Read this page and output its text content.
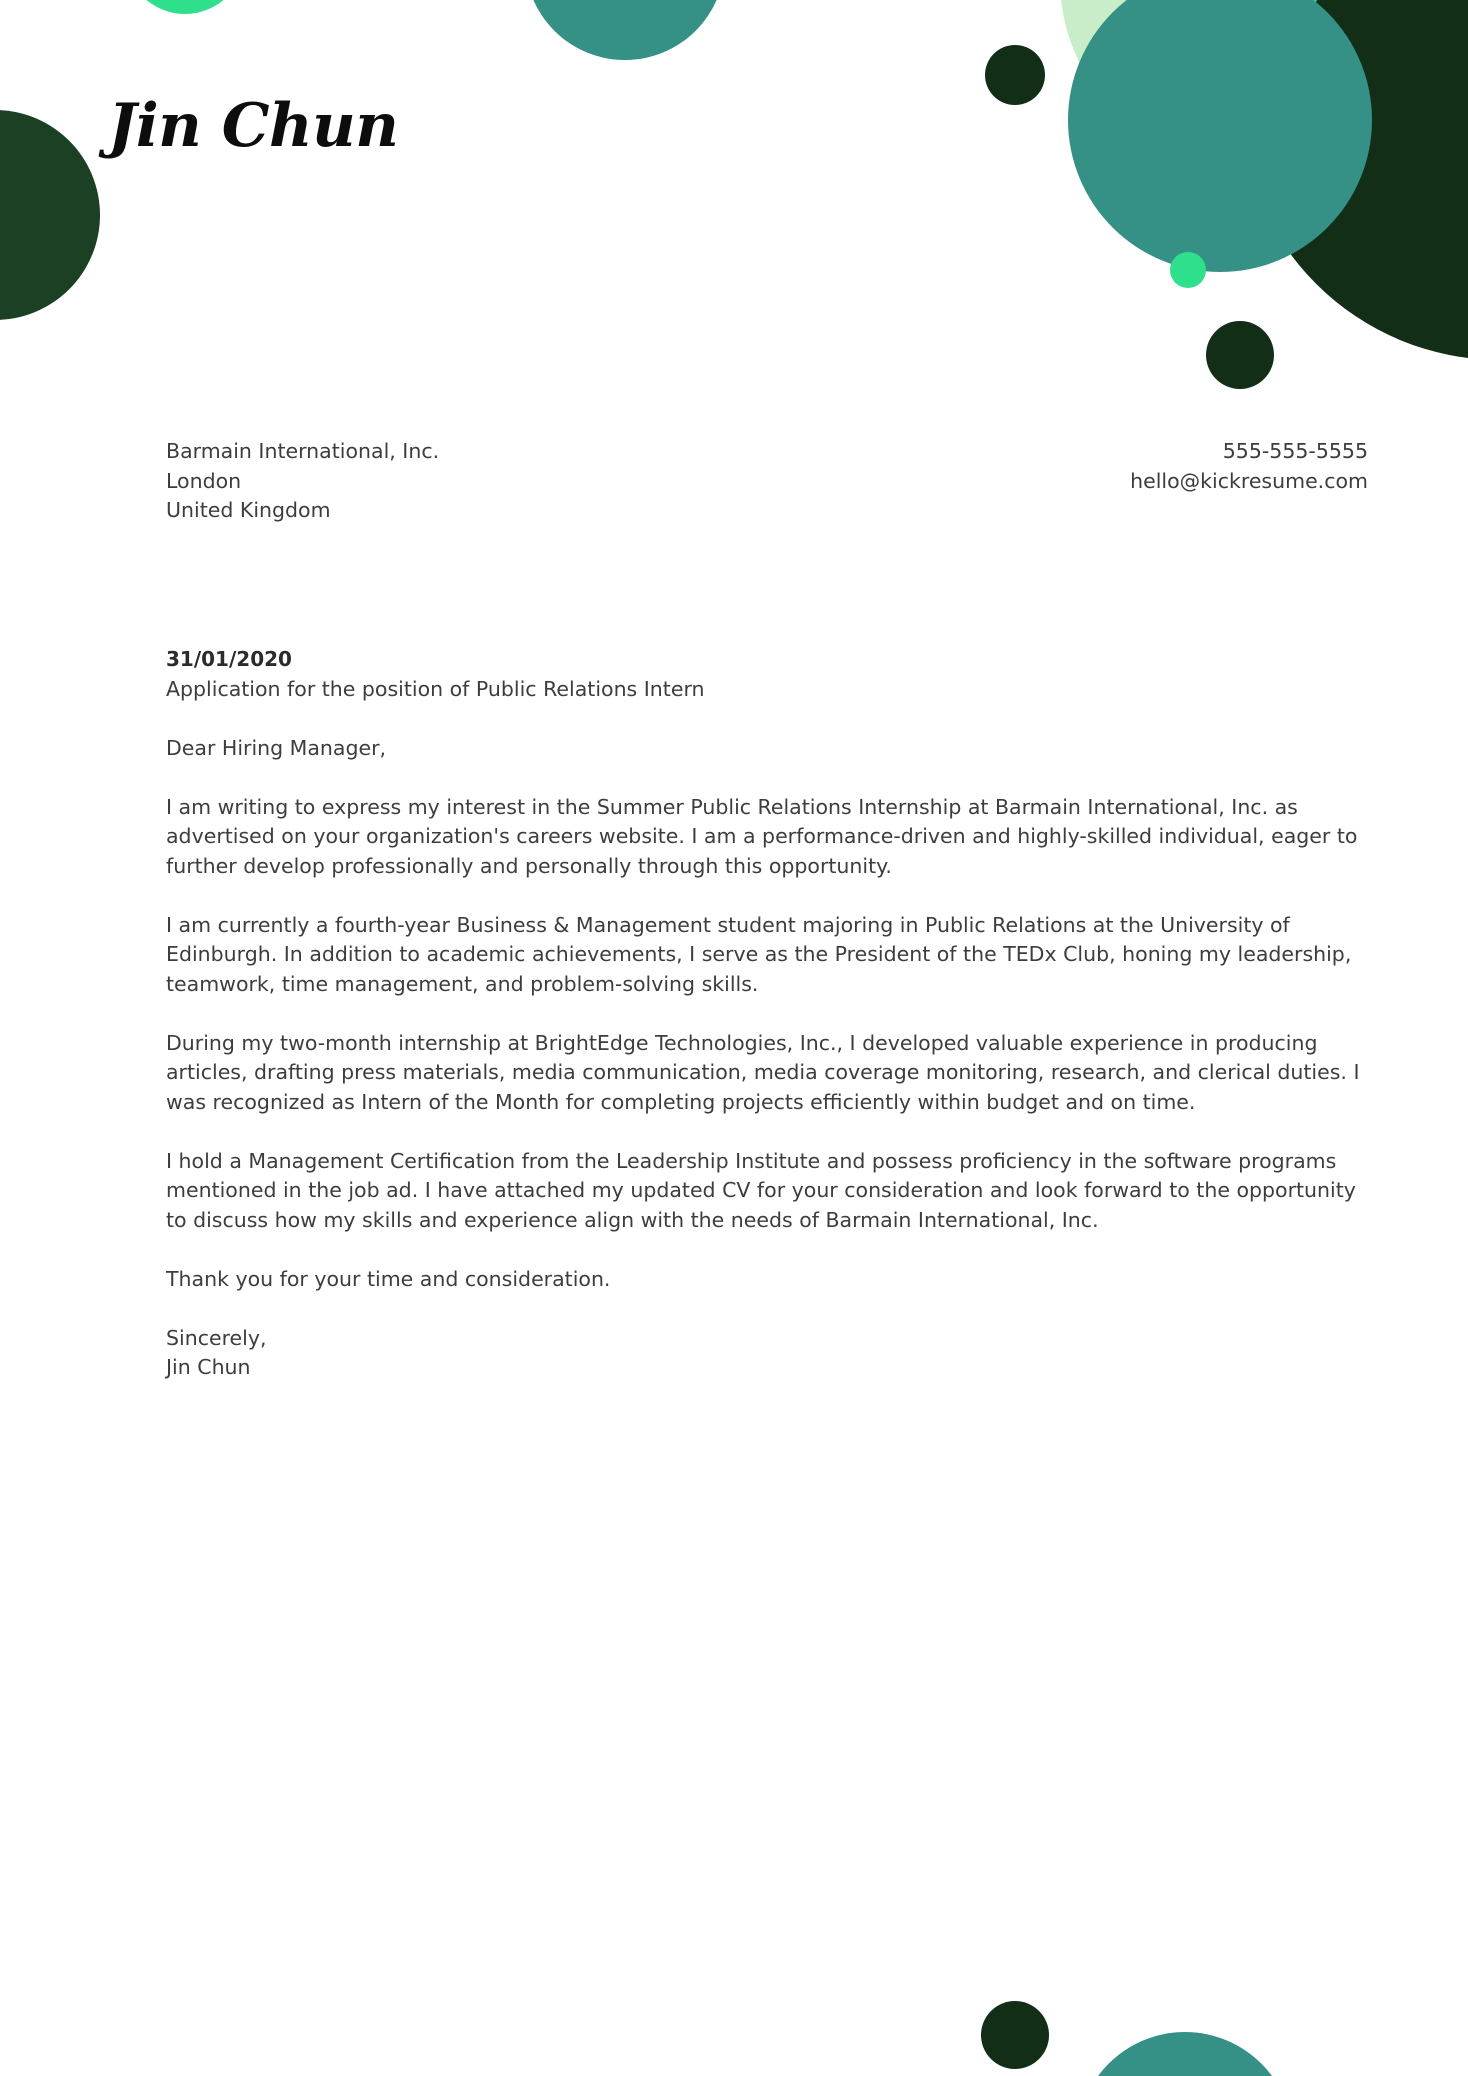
Jin Chun
Barmain International, Inc.
London
United Kingdom
555-555-5555
hello@kickresume.com
31/01/2020
Application for the position of Public Relations Intern
Dear Hiring Manager,
I am writing to express my interest in the Summer Public Relations Internship at Barmain International, Inc. as advertised on your organization's careers website. I am a performance-driven and highly-skilled individual, eager to further develop professionally and personally through this opportunity.
I am currently a fourth-year Business & Management student majoring in Public Relations at the University of Edinburgh. In addition to academic achievements, I serve as the President of the TEDx Club, honing my leadership, teamwork, time management, and problem-solving skills.
During my two-month internship at BrightEdge Technologies, Inc., I developed valuable experience in producing articles, drafting press materials, media communication, media coverage monitoring, research, and clerical duties. I was recognized as Intern of the Month for completing projects efficiently within budget and on time.
I hold a Management Certification from the Leadership Institute and possess proficiency in the software programs mentioned in the job ad. I have attached my updated CV for your consideration and look forward to the opportunity to discuss how my skills and experience align with the needs of Barmain International, Inc.
Thank you for your time and consideration.
Sincerely,
Jin Chun
